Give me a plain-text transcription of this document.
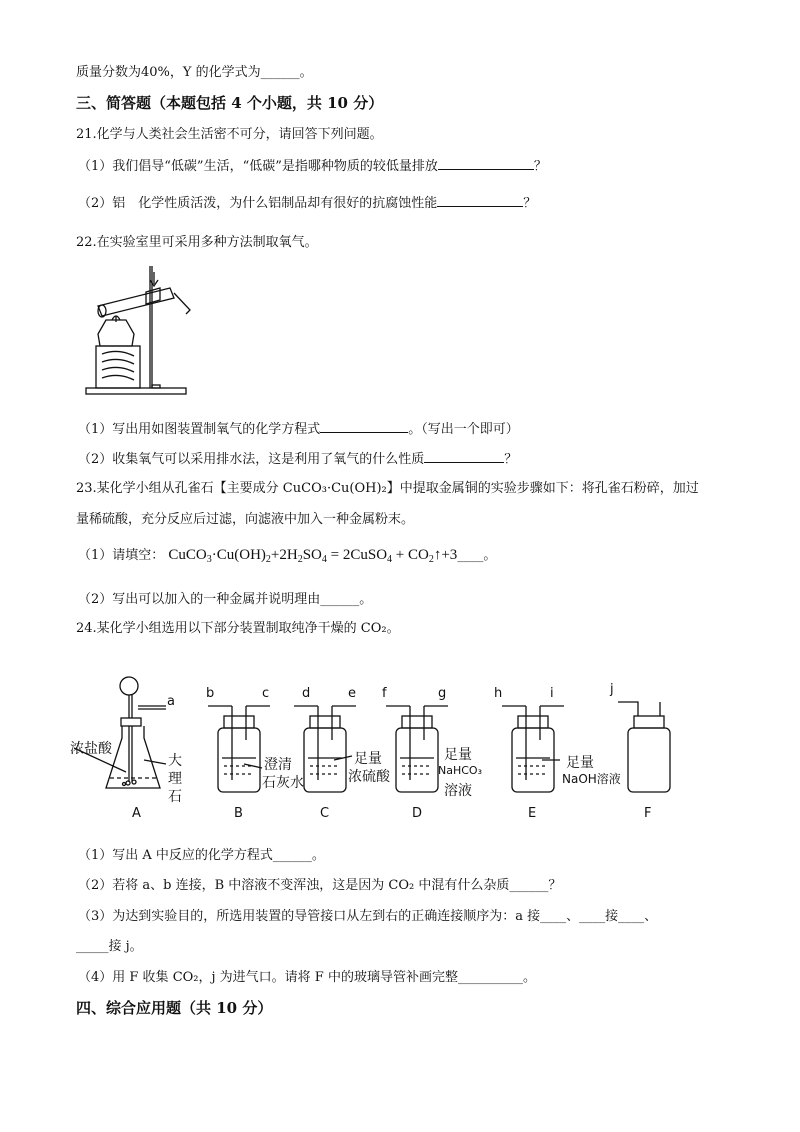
质量分数为40%，Y 的化学式为______。
三、简答题（本题包括 4 个小题，共 10 分）
21.化学与人类社会生活密不可分，请回答下列问题。
（1）我们倡导“低碳”生活，“低碳”是指哪种物质的较低量排放	？
（2）铝　化学性质活泼，为什么铝制品却有很好的抗腐蚀性能	？
22.在实验室里可采用多种方法制取氧气。
（1）写出用如图装置制氧气的化学方程式	。（写出一个即可）
（2）收集氧气可以采用排水法，这是利用了氧气的什么性质	？
23.某化学小组从孔雀石【主要成分 CuCO₃·Cu(OH)₂】中提取金属铜的实验步骤如下：将孔雀石粉碎，加过
量稀硫酸，充分反应后过滤，向滤液中加入一种金属粉末。
（1）请填空： $CuCO_3\cdot Cu(OH)_2+2H_2SO_4$ = 2CuSO$_4$ + $CO_2↑+3\_\_\_\_$。
（2）写出可以加入的一种金属并说明理由______。
24.某化学小组选用以下部分装置制取纯净干燥的 CO₂。
a
浓盐酸
大
理
石
A
b	c
澄清
石灰水
B
d	e
足量
浓硫酸
C
f	g
足量
NaHCO₃
溶液
D
h	i
足量
NaOH溶液
E
j
F
（1）写出 A 中反应的化学方程式______。
（2）若将 a、b 连接，B 中溶液不变浑浊，这是因为 CO₂ 中混有什么杂质______？
（3）为达到实验目的，所选用装置的导管接口从左到右的正确连接顺序为：a 接____、____接____、
_____接 j。
（4）用 F 收集 CO₂，j 为进气口。请将 F 中的玻璃导管补画完整__________。
四、综合应用题（共 10 分）
